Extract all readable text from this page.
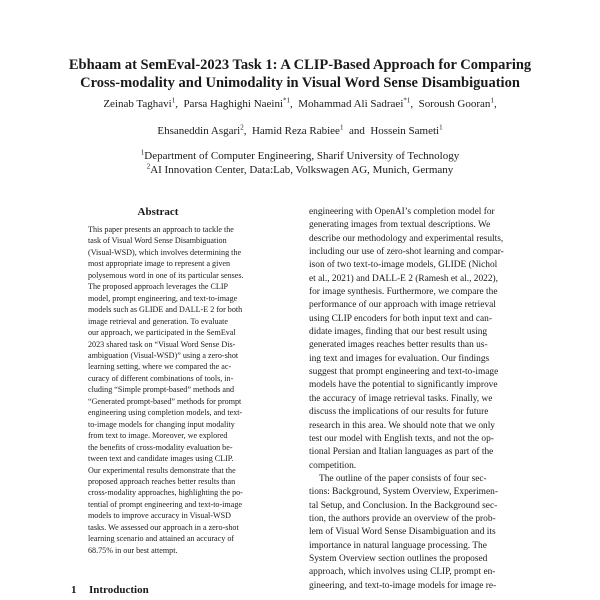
Ebhaam at SemEval-2023 Task 1: A CLIP-Based Approach for Comparing
Cross-modality and Unimodality in Visual Word Sense Disambiguation
Zeinab Taghavi$^1$,  Parsa Haghighi Naeini$^{*1}$,  Mohammad Ali Sadraei$^{*1}$,  Soroush Gooran$^1$,
Ehsaneddin Asgari$^2$,  Hamid Reza Rabiee$^1$ and Hossein Sameti$^1$
$^1$Department of Computer Engineering, Sharif University of Technology
$^2$AI Innovation Center, Data:Lab, Volkswagen AG, Munich, Germany
Abstract
This paper presents an approach to tackle the
task of Visual Word Sense Disambiguation
(Visual-WSD), which involves determining the
most appropriate image to represent a given
polysemous word in one of its particular senses.
The proposed approach leverages the CLIP
model, prompt engineering, and text-to-image
models such as GLIDE and DALL-E 2 for both
image retrieval and generation. To evaluate
our approach, we participated in the SemEval
2023 shared task on “Visual Word Sense Dis-
ambiguation (Visual-WSD)” using a zero-shot
learning setting, where we compared the ac-
curacy of different combinations of tools, in-
cluding “Simple prompt-based” methods and
“Generated prompt-based” methods for prompt
engineering using completion models, and text-
to-image models for changing input modality
from text to image. Moreover, we explored
the benefits of cross-modality evaluation be-
tween text and candidate images using CLIP.
Our experimental results demonstrate that the
proposed approach reaches better results than
cross-modality approaches, highlighting the po-
tential of prompt engineering and text-to-image
models to improve accuracy in Visual-WSD
tasks. We assessed our approach in a zero-shot
learning scenario and attained an accuracy of
68.75% in our best attempt.
1 Introduction
engineering with OpenAI’s completion model for
generating images from textual descriptions. We
describe our methodology and experimental results,
including our use of zero-shot learning and compar-
ison of two text-to-image models, GLIDE (Nichol
et al., 2021) and DALL-E 2 (Ramesh et al., 2022),
for image synthesis. Furthermore, we compare the
performance of our approach with image retrieval
using CLIP encoders for both input text and can-
didate images, finding that our best result using
generated images reaches better results than us-
ing text and images for evaluation. Our findings
suggest that prompt engineering and text-to-image
models have the potential to significantly improve
the accuracy of image retrieval tasks. Finally, we
discuss the implications of our results for future
research in this area. We should note that we only
test our model with English texts, and not the op-
tional Persian and Italian languages as part of the
competition.
The outline of the paper consists of four sec-
tions: Background, System Overview, Experimen-
tal Setup, and Conclusion. In the Background sec-
tion, the authors provide an overview of the prob-
lem of Visual Word Sense Disambiguation and its
importance in natural language processing. The
System Overview section outlines the proposed
approach, which involves using CLIP, prompt en-
gineering, and text-to-image models for image re-
